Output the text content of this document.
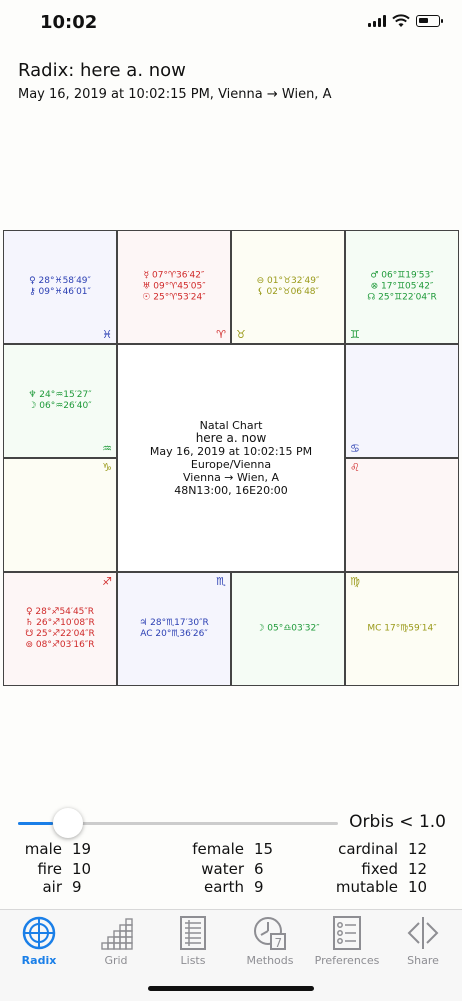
10:02
Radix: here a. now
May 16, 2019 at 10:02:15 PM, Vienna → Wien, A
♀ 28°♓58′49″
⚷ 09°♓46′01″
♓
☿ 07°♈36′42″
♅ 09°♈45′05″
☉ 25°♈53′24″
♈
⊖ 01°♉32′49″
⚸ 02°♉06′48″
♉
♂ 06°♊19′53″
⊗ 17°♊05′42″
☊ 25°♊22′04″R
♊
♆ 24°♒15′27″
☽ 06°♒26′40″
♒	♋
♑	♌
♀ 28°♐54′45″R
♄ 26°♐10′08″R
☋ 25°♐22′04″R
⊚ 08°♐03′16″R
♐
♃ 28°♏17′30″R
AC 20°♏36′26″
♏
☽ 05°♎03′32″	MC 17°♍59′14″
♍
Natal Chart
here a. now
May 16, 2019 at 10:02:15 PM
Europe/Vienna
Vienna → Wien, A
48N13:00, 16E20:00
Orbis < 1.0
male 19	female 15	cardinal 12
fire 10	water 6	fixed 12
air 9	earth 9	mutable 10
Radix	Grid	Lists
7
Methods	Preferences	Share
